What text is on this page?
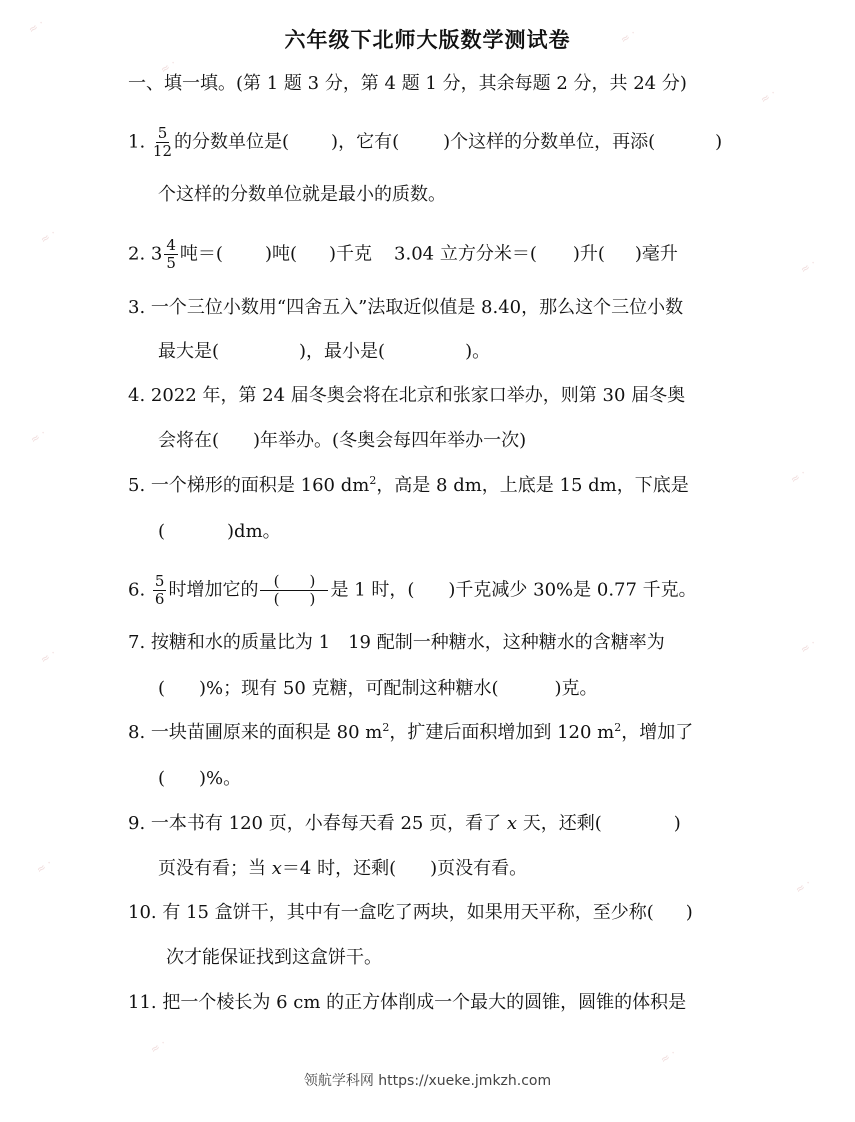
≈ ·
≈ ·
≈ ·
≈ ·
≈ ·
≈ ·
≈ ·
≈ ·
≈ ·
≈ ·
≈ ·
≈ ·
≈ ·
≈ ·
六年级下北师大版数学测试卷
一、填一填。(第 1 题 3 分，第 4 题 1 分，其余每题 2 分，共 24 分)
1. $\frac{5}{12}$ 的分数单位是( )，它有( )个这样的分数单位，再添(	)
个这样的分数单位就是最小的质数。
2. $3 \frac{4}{5}$ 吨＝( )吨( )千克 3.04 立方分米＝( )升( )毫升
3. 一个三位小数用“四舍五入”法取近似值是 8.40，那么这个三位小数
最大是(	)，最小是(	)。
4. 2022 年，第 24 届冬奥会将在北京和张家口举办，则第 30 届冬奥
会将在( )年举办。(冬奥会每四年举办一次)
5. 一个梯形的面积是 160 $dm^2$，高是 8 dm，上底是 15 dm，下底是
(	)dm。
6. $\frac{5}{6}$ 时增加它的 $\frac{( )}{( )}$ 是 1 时，( )千克减少 30%是 0.77 千克。
7. 按糖和水的质量比为 1　19 配制一种糖水，这种糖水的含糖率为
( )%；现有 50 克糖，可配制这种糖水(	)克。
8. 一块苗圃原来的面积是 80 $m^2$，扩建后面积增加到 120 $m^2$，增加了
( )%。
9. 一本书有 120 页，小春每天看 25 页，看了 x 天，还剩(	)
页没有看；当 x＝4 时，还剩( )页没有看。
10. 有 15 盒饼干，其中有一盒吃了两块，如果用天平称，至少称( )
次才能保证找到这盒饼干。
11. 把一个棱长为 6 cm 的正方体削成一个最大的圆锥，圆锥的体积是
领航学科网 https://xueke.jmkzh.com
